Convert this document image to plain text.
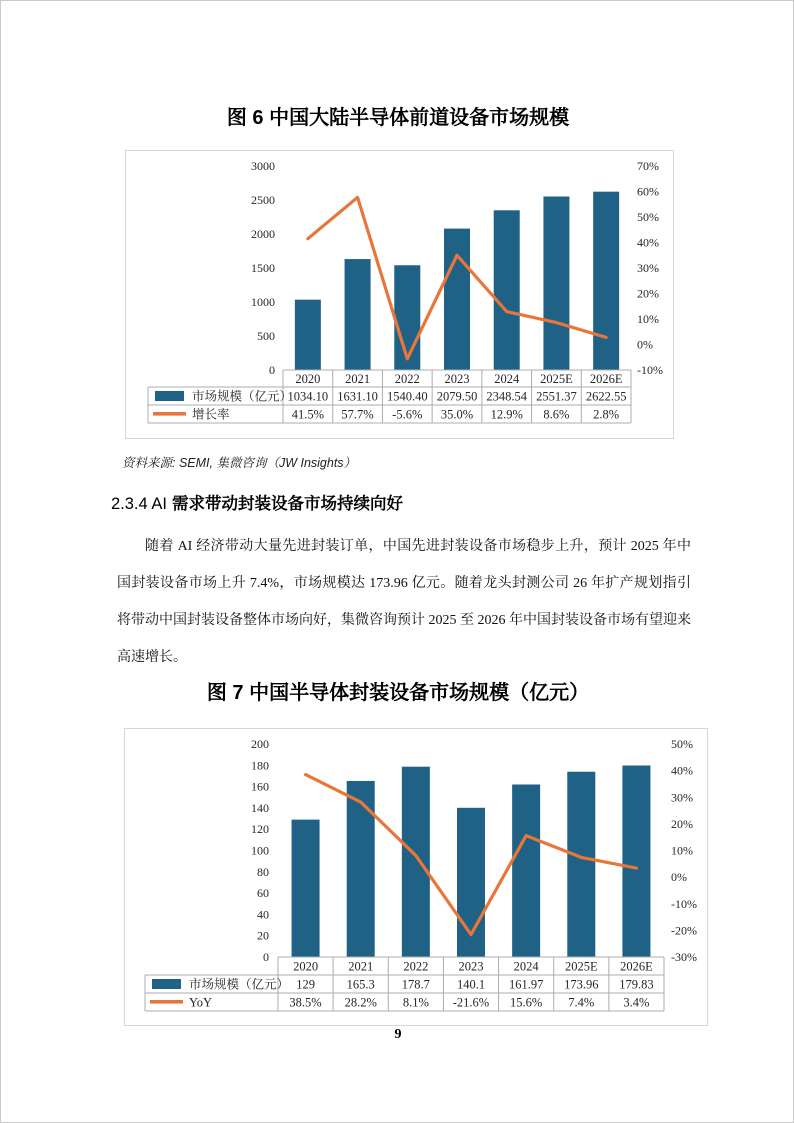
图 6 中国大陆半导体前道设备市场规模
0
500
1000
1500
2000
2500
3000
-10%
0%
10%
20%
30%
40%
50%
60%
70%
2020 2021 2022 2023 2024 2025E 2026E
1034.10 1631.10 1540.40 2079.50 2348.54 2551.37 2622.55
市场规模（亿元）
41.5% 57.7% -5.6% 35.0% 12.9% 8.6% 2.8%
增长率
资料来源: SEMI, 集微咨询（JW Insights）
2.3.4 AI 需求带动封装设备市场持续向好
随着 AI 经济带动大量先进封装订单，中国先进封装设备市场稳步上升，预计 2025 年中国封装设备市场上升 7.4%，市场规模达 173.96 亿元。随着龙头封测公司 26 年扩产规划指引将带动中国封装设备整体市场向好，集微咨询预计 2025 至 2026 年中国封装设备市场有望迎来高速增长。
图 7 中国半导体封装设备市场规模（亿元）
0
20
40
60
80
100
120
140
160
180
200
-30%
-20%
-10%
0%
10%
20%
30%
40%
50%
2020 2021 2022 2023 2024 2025E 2026E
129	165.3 178.7 140.1 161.97 173.96 179.83
市场规模（亿元）
38.5% 28.2% 8.1% -21.6% 15.6% 7.4% 3.4%
YoY
9
